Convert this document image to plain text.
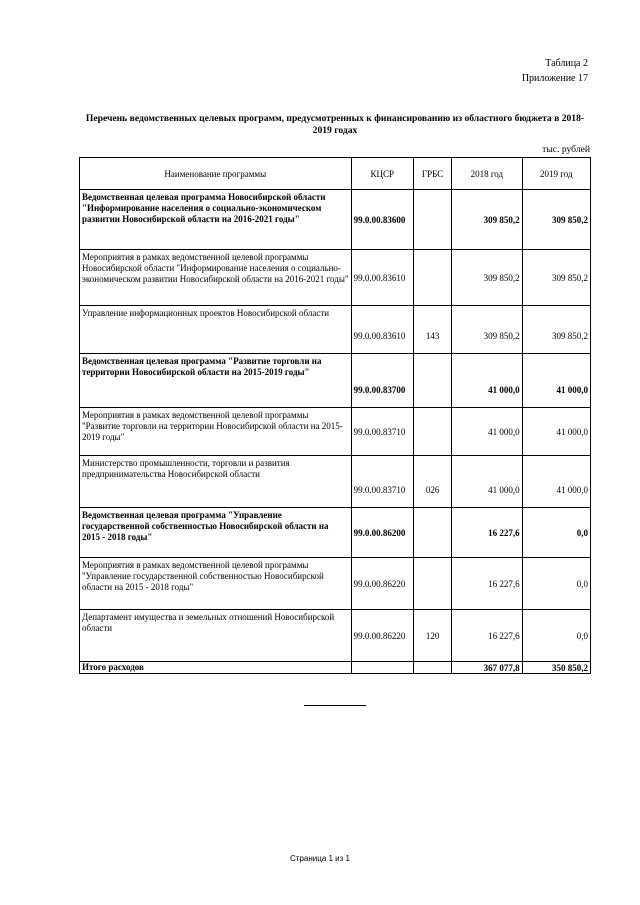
Таблица 2
Приложение 17
Перечень ведомственных целевых программ, предусмотренных к финансированию из областного бюджета в 2018-2019 годах
тыс. рублей
Наименование программы	КЦСР	ГРБС	2018 год	2019 год
Ведомственная целевая программа Новосибирской области "Информирование населения о социально-экономическом развитии Новосибирской области на 2016-2021 годы"	99.0.00.83600		309 850,2	309 850,2
Мероприятия в рамках ведомственной целевой программы Новосибирской области "Информирование населения о социально-экономическом развитии Новосибирской области на 2016-2021 годы"	99.0.00.83610		309 850,2	309 850,2
Управление информационных проектов Новосибирской области	99.0.00.83610	143	309 850,2	309 850,2
Ведомственная целевая программа "Развитие торговли на территории Новосибирской области на 2015-2019 годы"	99.0.00.83700		41 000,0	41 000,0
Мероприятия в рамках ведомственной целевой программы "Развитие торговли на территории Новосибирской области на 2015-2019 годы"	99.0.00.83710		41 000,0	41 000,0
Министерство промышленности, торговли и развития предпринимательства Новосибирской области	99.0.00.83710	026	41 000,0	41 000,0
Ведомственная целевая программа "Управление государственной собственностью Новосибирской области на 2015 - 2018 годы"	99.0.00.86200		16 227,6	0,0
Мероприятия в рамках ведомственной целевой программы "Управление государственной собственностью Новосибирской области на 2015 - 2018 годы"	99.0.00.86220		16 227,6	0,0
Департамент имущества и земельных отношений Новосибирской области	99.0.00.86220	120	16 227,6	0,0
Итого расходов			367 077,8	350 850,2
Страница 1 из 1
